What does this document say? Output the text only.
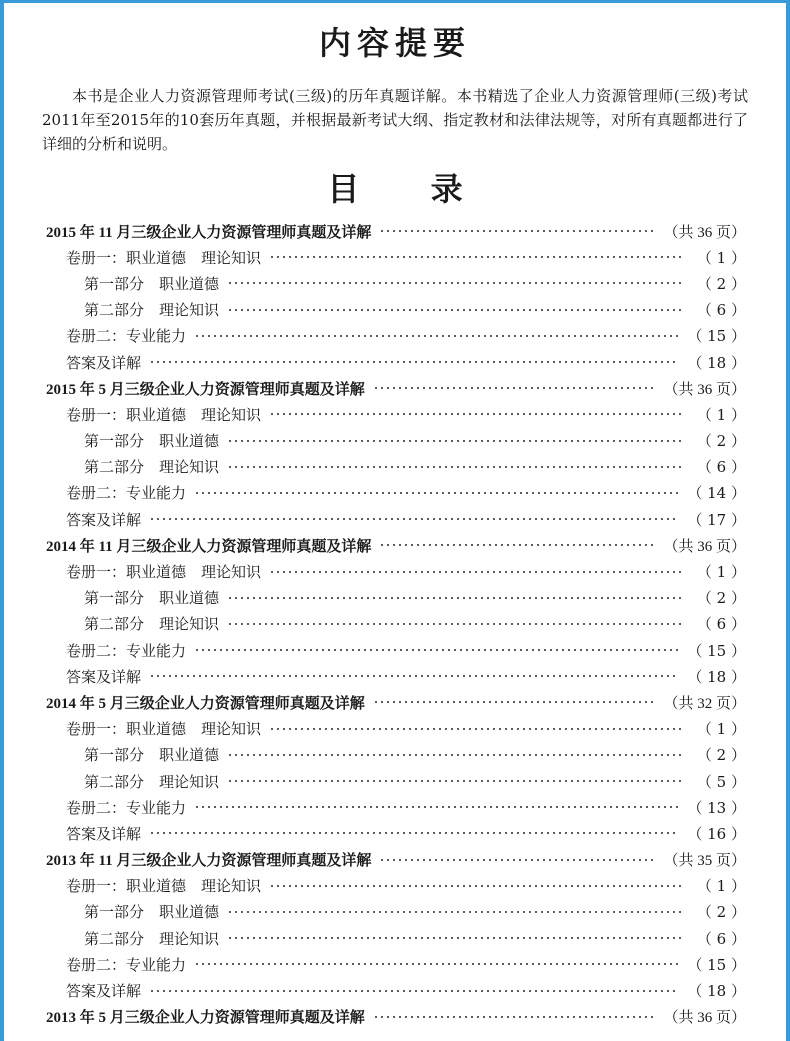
内容提要

本书是企业人力资源管理师考试(三级)的历年真题详解。本书精选了企业人力资源管理师(三级)考试2011年至2015年的10套历年真题，并根据最新考试大纲、指定教材和法律法规等，对所有真题都进行了详细的分析和说明。

目 录
2015 年 11 月三级企业人力资源管理师真题及详解	（共 36 页）
卷册一：职业道德　理论知识	（ 1 ）
第一部分　职业道德	（ 2 ）
第二部分　理论知识	（ 6 ）
卷册二：专业能力	（ 15 ）
答案及详解	（ 18 ）
2015 年 5 月三级企业人力资源管理师真题及详解	（共 36 页）
卷册一：职业道德　理论知识	（ 1 ）
第一部分　职业道德	（ 2 ）
第二部分　理论知识	（ 6 ）
卷册二：专业能力	（ 14 ）
答案及详解	（ 17 ）
2014 年 11 月三级企业人力资源管理师真题及详解	（共 36 页）
卷册一：职业道德　理论知识	（ 1 ）
第一部分　职业道德	（ 2 ）
第二部分　理论知识	（ 6 ）
卷册二：专业能力	（ 15 ）
答案及详解	（ 18 ）
2014 年 5 月三级企业人力资源管理师真题及详解	（共 32 页）
卷册一：职业道德　理论知识	（ 1 ）
第一部分　职业道德	（ 2 ）
第二部分　理论知识	（ 5 ）
卷册二：专业能力	（ 13 ）
答案及详解	（ 16 ）
2013 年 11 月三级企业人力资源管理师真题及详解	（共 35 页）
卷册一：职业道德　理论知识	（ 1 ）
第一部分　职业道德	（ 2 ）
第二部分　理论知识	（ 6 ）
卷册二：专业能力	（ 15 ）
答案及详解	（ 18 ）
2013 年 5 月三级企业人力资源管理师真题及详解	（共 36 页）
